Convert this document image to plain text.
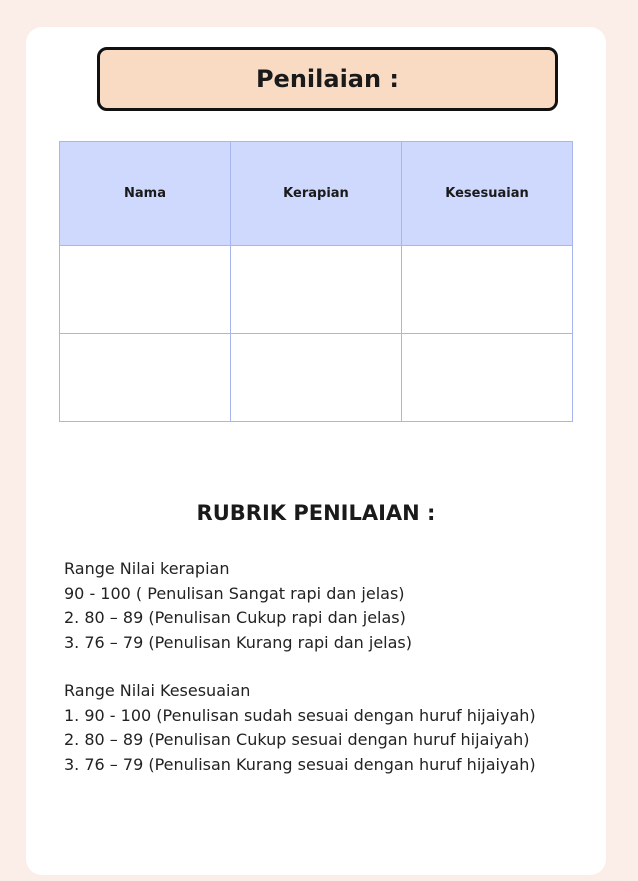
Penilaian :
Nama	Kerapian	Kesesuaian

RUBRIK PENILAIAN :

Range Nilai kerapian

90 - 100 ( Penulisan Sangat rapi dan jelas)

2. 80 – 89 (Penulisan Cukup rapi dan jelas)

3. 76 – 79 (Penulisan Kurang rapi dan jelas)

Range Nilai Kesesuaian

1. 90 - 100 (Penulisan sudah sesuai dengan huruf hijaiyah)

2. 80 – 89 (Penulisan Cukup sesuai dengan huruf hijaiyah)

3. 76 – 79 (Penulisan Kurang sesuai dengan huruf hijaiyah)
